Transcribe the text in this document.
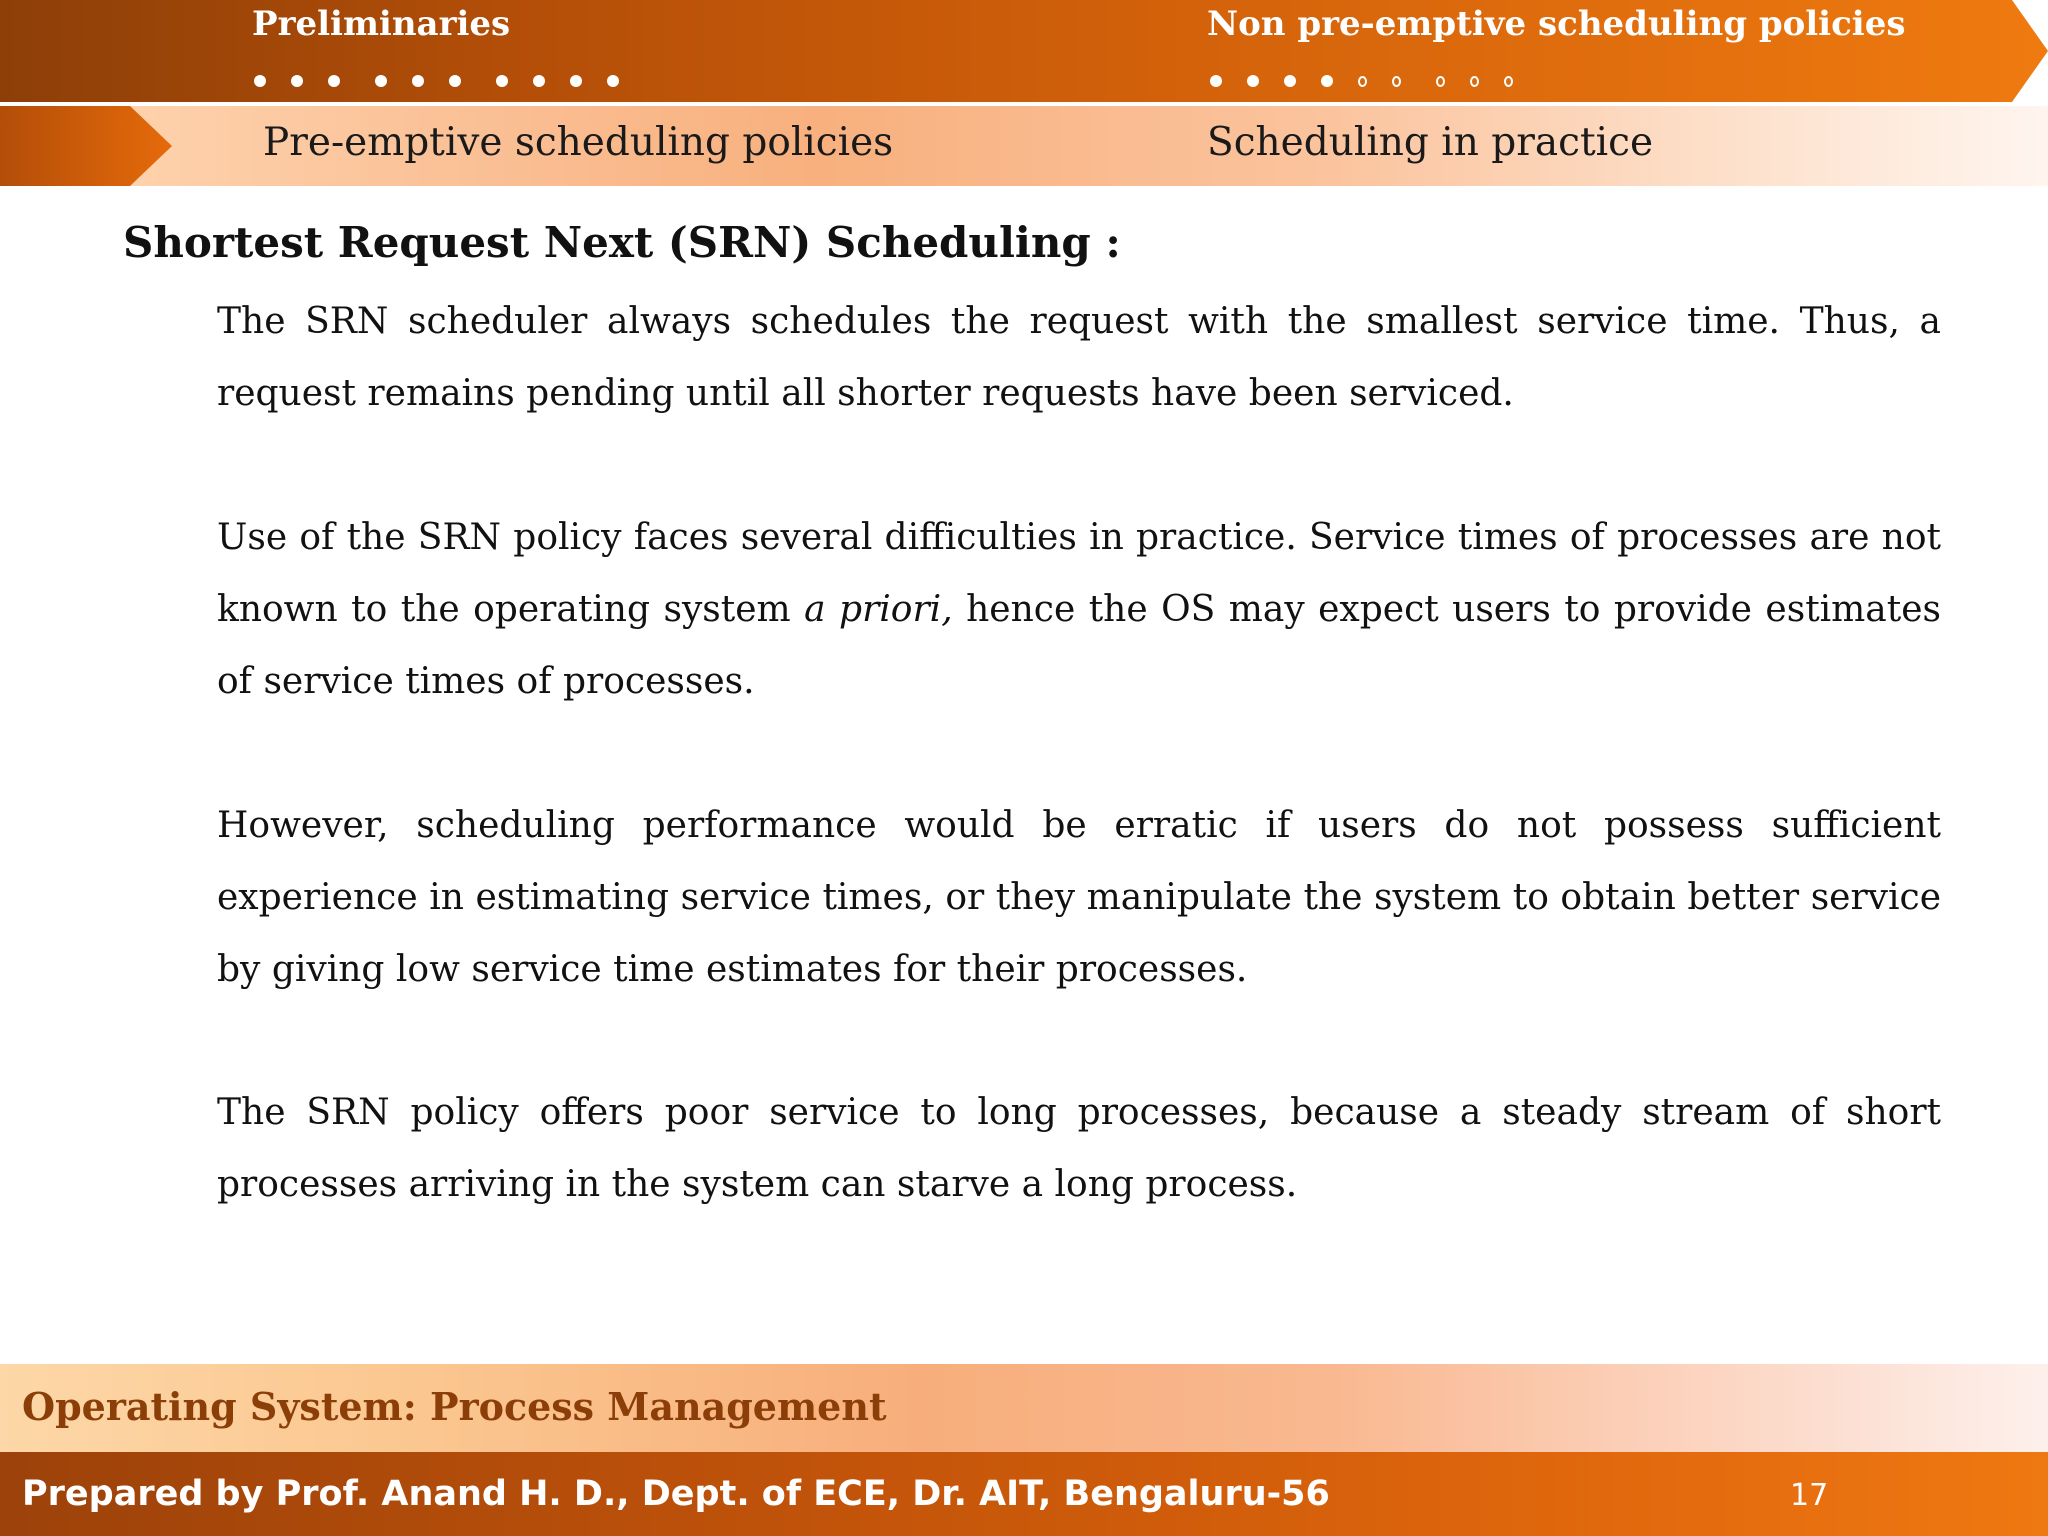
Preliminaries	Non pre-emptive scheduling policies
Pre-emptive scheduling policies	Scheduling in practice
Shortest Request Next (SRN) Scheduling :
The SRN scheduler always schedules the request with the smallest service time. Thus, a request remains pending until all shorter requests have been serviced.
Use of the SRN policy faces several difficulties in practice. Service times of processes are not known to the operating system a priori, hence the OS may expect users to provide estimates of service times of processes.
However, scheduling performance would be erratic if users do not possess sufficient experience in estimating service times, or they manipulate the system to obtain better service by giving low service time estimates for their processes.
The SRN policy offers poor service to long processes, because a steady stream of short processes arriving in the system can starve a long process.
Operating System: Process Management
Prepared by Prof. Anand H. D., Dept. of ECE, Dr. AIT, Bengaluru-56	17
